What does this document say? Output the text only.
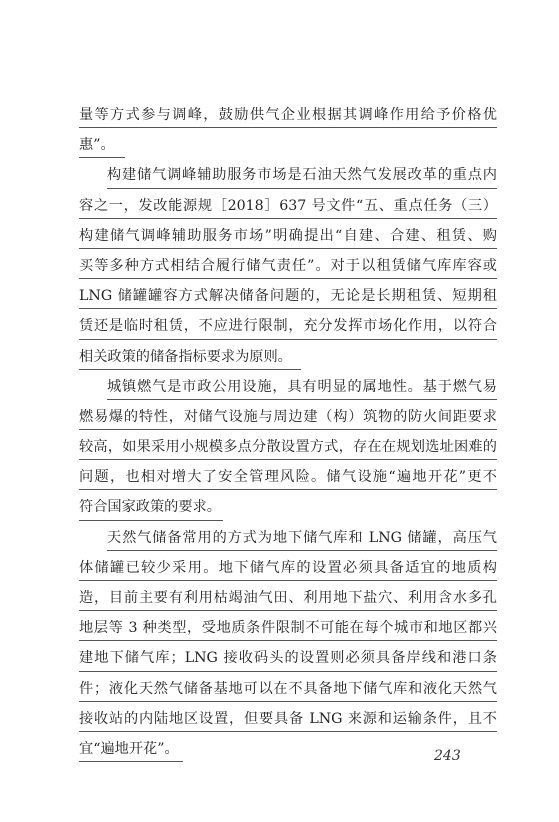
量等方式参与调峰，鼓励供气企业根据其调峰作用给予价格优
惠”。
构建储气调峰辅助服务市场是石油天然气发展改革的重点内
容之一，发改能源规［2018］637 号文件“五、重点任务（三）
构建储气调峰辅助服务市场”明确提出“自建、合建、租赁、购
买等多种方式相结合履行储气责任”。对于以租赁储气库库容或
LNG 储罐罐容方式解决储备问题的，无论是长期租赁、短期租
赁还是临时租赁，不应进行限制，充分发挥市场化作用，以符合
相关政策的储备指标要求为原则。
城镇燃气是市政公用设施，具有明显的属地性。基于燃气易
燃易爆的特性，对储气设施与周边建（构）筑物的防火间距要求
较高，如果采用小规模多点分散设置方式，存在在规划选址困难的
问题，也相对增大了安全管理风险。储气设施“遍地开花”更不
符合国家政策的要求。
天然气储备常用的方式为地下储气库和 LNG 储罐，高压气
体储罐已较少采用。地下储气库的设置必须具备适宜的地质构
造，目前主要有利用枯竭油气田、利用地下盐穴、利用含水多孔
地层等 3 种类型，受地质条件限制不可能在每个城市和地区都兴
建地下储气库；LNG 接收码头的设置则必须具备岸线和港口条
件；液化天然气储备基地可以在不具备地下储气库和液化天然气
接收站的内陆地区设置，但要具备 LNG 来源和运输条件，且不
宜“遍地开花”。	243
